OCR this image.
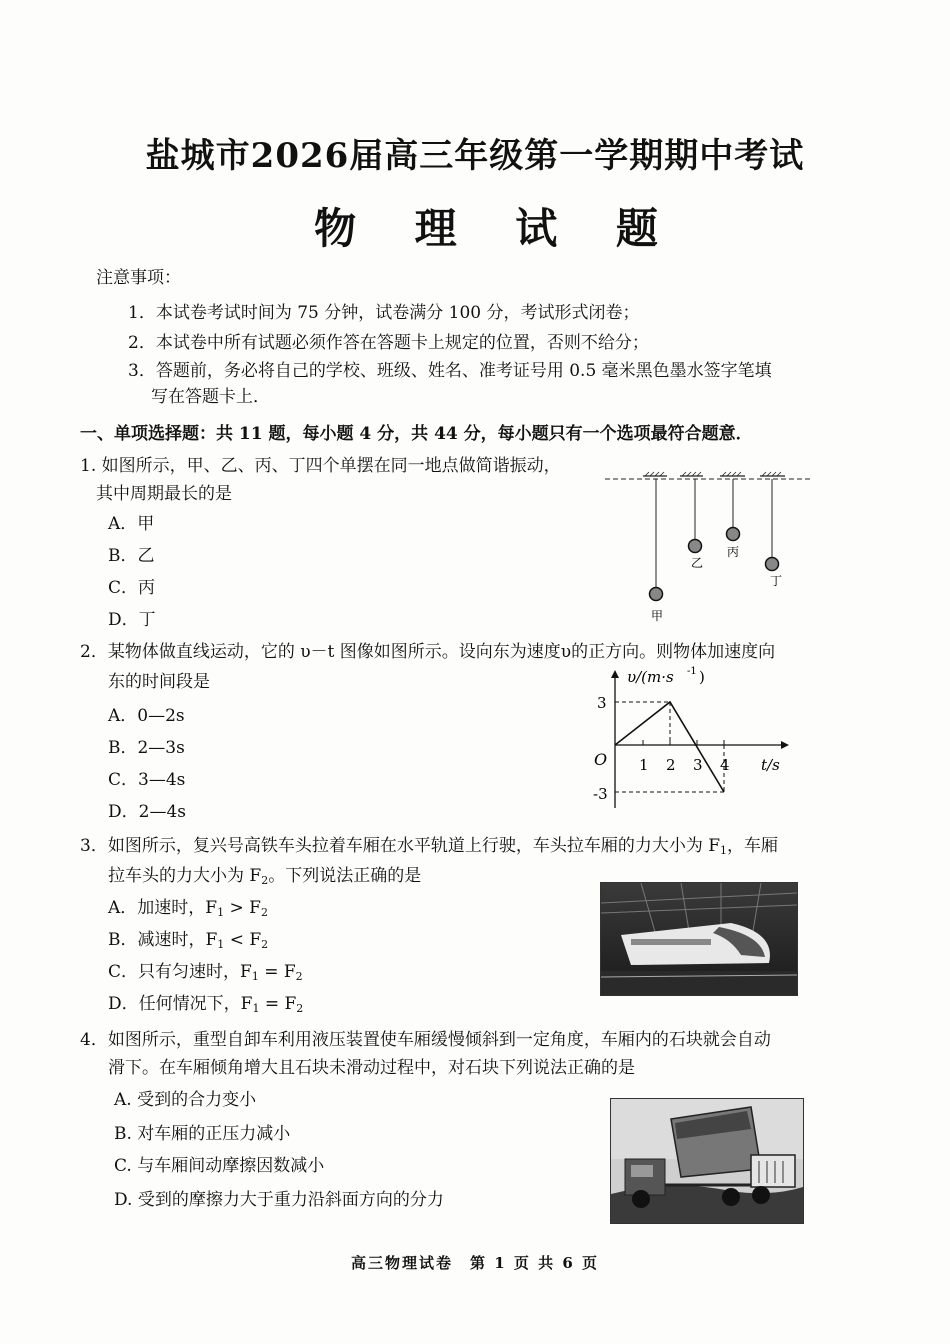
盐城市2026届高三年级第一学期期中考试
物 理 试 题
注意事项：
1．本试卷考试时间为 75 分钟，试卷满分 100 分，考试形式闭卷；
2．本试卷中所有试题必须作答在答题卡上规定的位置，否则不给分；
3．答题前，务必将自己的学校、班级、姓名、准考证号用 0.5 毫米黑色墨水签字笔填
写在答题卡上．
一、单项选择题：共 11 题，每小题 4 分，共 44 分，每小题只有一个选项最符合题意．
1. 如图所示，甲、乙、丙、丁四个单摆在同一地点做简谐振动，
其中周期最长的是
A．甲
B．乙
C．丙
D．丁	甲
乙
丙
丁
2．某物体做直线运动，它的 υ－t 图像如图所示。设向东为速度υ的正方向。则物体加速度向
东的时间段是
A．0—2s
B．2—3s
C．3—4s
D．2—4s
υ/(m·s -1 )
O 1 2 3 4 t/s
3
-3
3．如图所示，复兴号高铁车头拉着车厢在水平轨道上行驶，车头拉车厢的力大小为 $F_1$，车厢
拉车头的力大小为 $F_2$。下列说法正确的是
A．加速时，$F_1 > F_2$
B．减速时，$F_1 < F_2$
C．只有匀速时，$F_1 = F_2$
D．任何情况下，$F_1 = F_2$
4．如图所示，重型自卸车利用液压装置使车厢缓慢倾斜到一定角度，车厢内的石块就会自动
滑下。在车厢倾角增大且石块未滑动过程中，对石块下列说法正确的是
A. 受到的合力变小
B. 对车厢的正压力减小
C. 与车厢间动摩擦因数减小
D. 受到的摩擦力大于重力沿斜面方向的分力
高三物理试卷　第 1 页 共 6 页
